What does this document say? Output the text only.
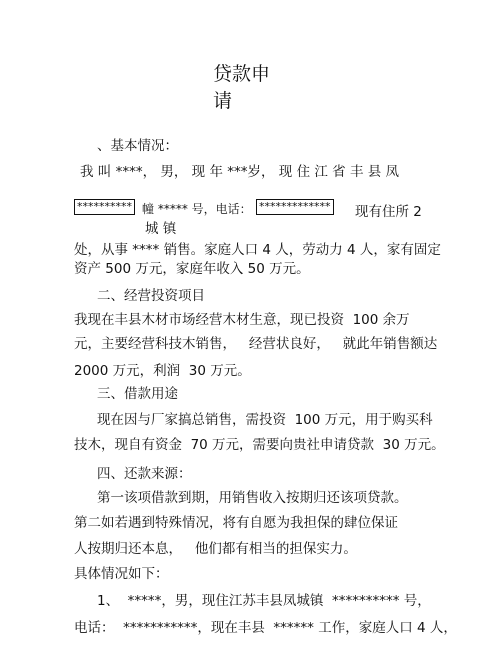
贷款申
请
、基本情况：
我 叫 ****， 男， 现 年 ***岁， 现 住 江 省 丰 县 凤
********** 幢 ***** 号，电话： ************* 现有住所 2
城 镇
处，从事 **** 销售。家庭人口 4 人，劳动力 4 人，家有固定
资产 500 万元，家庭年收入 50 万元。
二、经营投资项目
我现在丰县木材市场经营木材生意，现已投资  100 余万
元，主要经营科技木销售，   经营状良好，   就此年销售额达
2000 万元，利润  30 万元。
三、借款用途
现在因与厂家搞总销售，需投资  100 万元，用于购买科
技木，现自有资金  70 万元，需要向贵社申请贷款  30 万元。
四、还款来源：
第一该项借款到期，用销售收入按期归还该项贷款。
第二如若遇到特殊情况，将有自愿为我担保的肆位保证
人按期归还本息，   他们都有相当的担保实力。
具体情况如下：
1、  *****，男，现住江苏丰县凤城镇  ********** 号，
电话：  ***********，现在丰县  ****** 工作，家庭人口 4 人，
